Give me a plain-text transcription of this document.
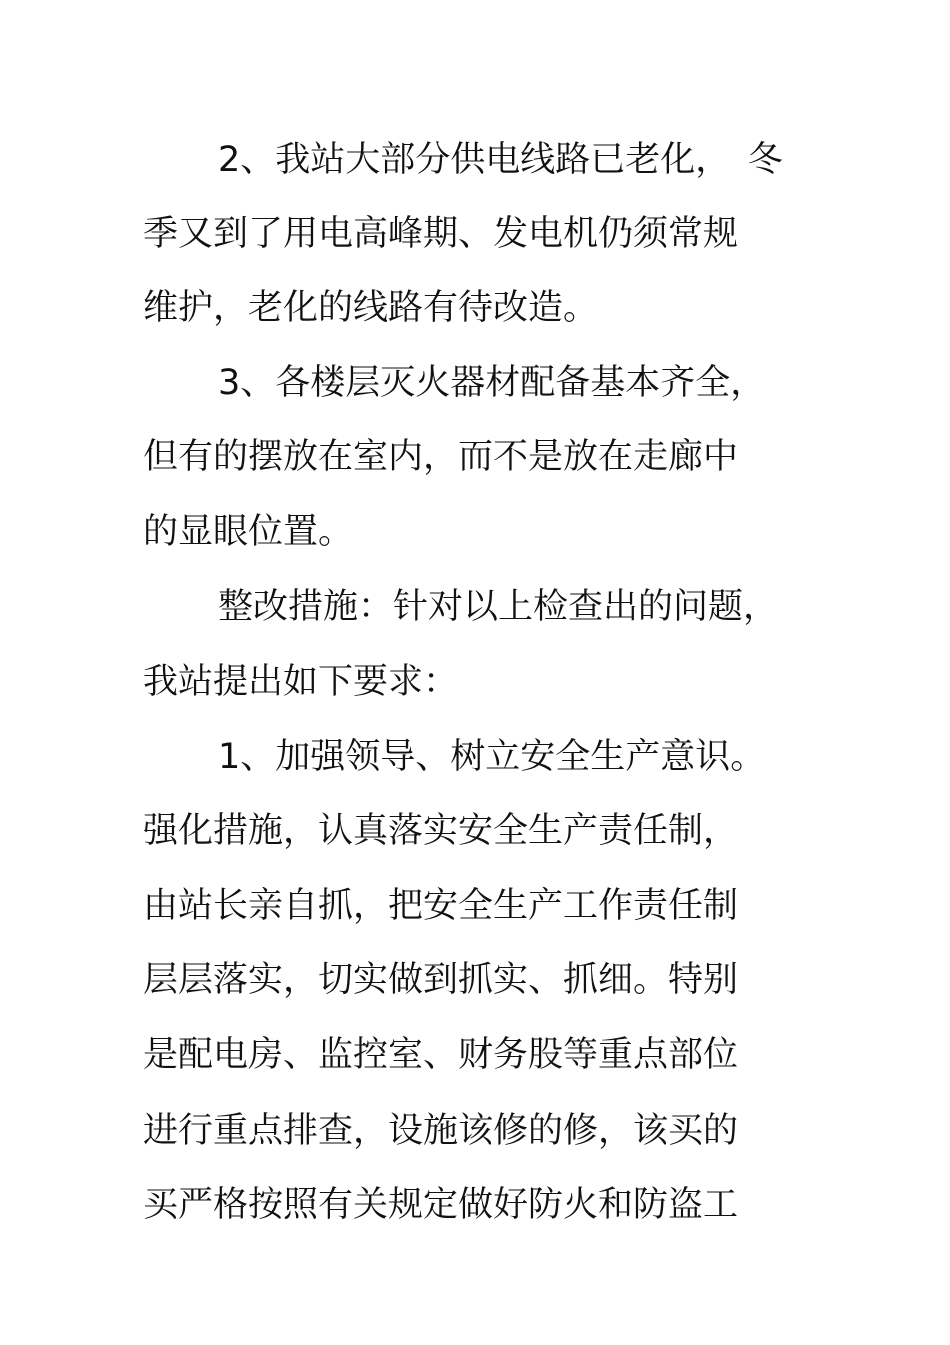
2、我站大部分供电线路已老化，　冬
季又到了用电高峰期、发电机仍须常规
维护，老化的线路有待改造。
3、各楼层灭火器材配备基本齐全，
但有的摆放在室内，而不是放在走廊中
的显眼位置。
整改措施：针对以上检查出的问题，
我站提出如下要求：
1、加强领导、树立安全生产意识。
强化措施，认真落实安全生产责任制，
由站长亲自抓，把安全生产工作责任制
层层落实，切实做到抓实、抓细。特别
是配电房、监控室、财务股等重点部位
进行重点排查，设施该修的修，该买的
买严格按照有关规定做好防火和防盗工
